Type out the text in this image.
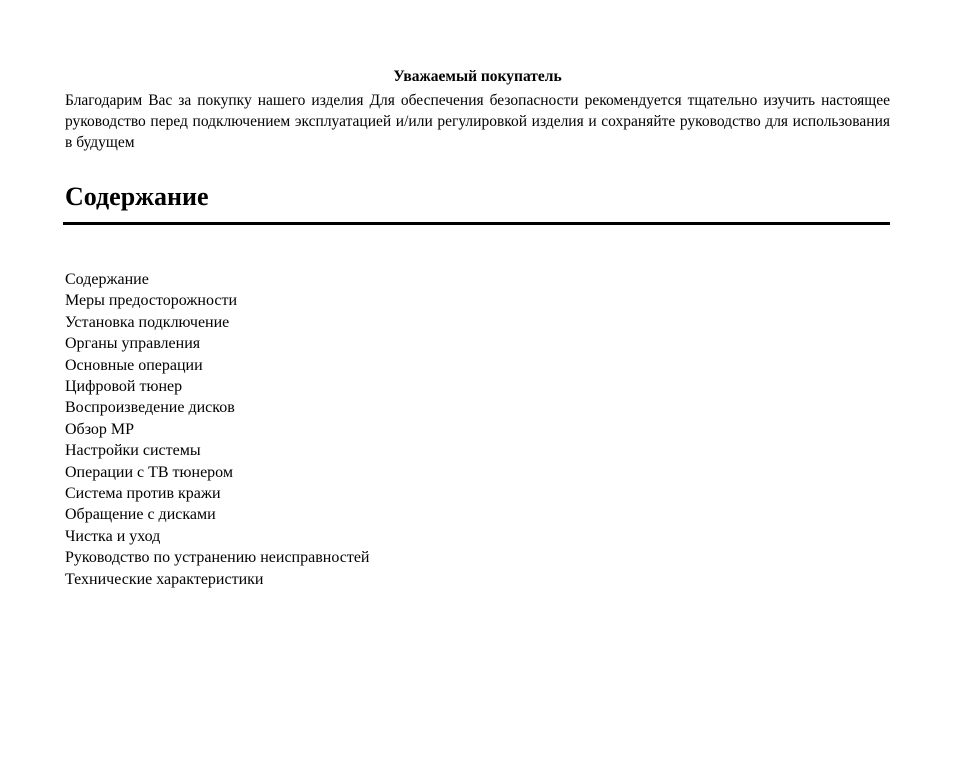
Уважаемый покупатель

Благодарим Вас за покупку нашего изделия Для обеспечения безопасности рекомендуется тщательно изучить настоящее руководство перед подключением эксплуатацией и/или регулировкой изделия и сохраняйте руководство для использования в будущем

Содержание
Содержание
Меры предосторожности
Установка подключение
Органы управления
Основные операции
Цифровой тюнер
Воспроизведение дисков
Обзор МР
Настройки системы
Операции с ТВ тюнером
Система против кражи
Обращение с дисками
Чистка и уход
Руководство по устранению неисправностей
Технические характеристики
